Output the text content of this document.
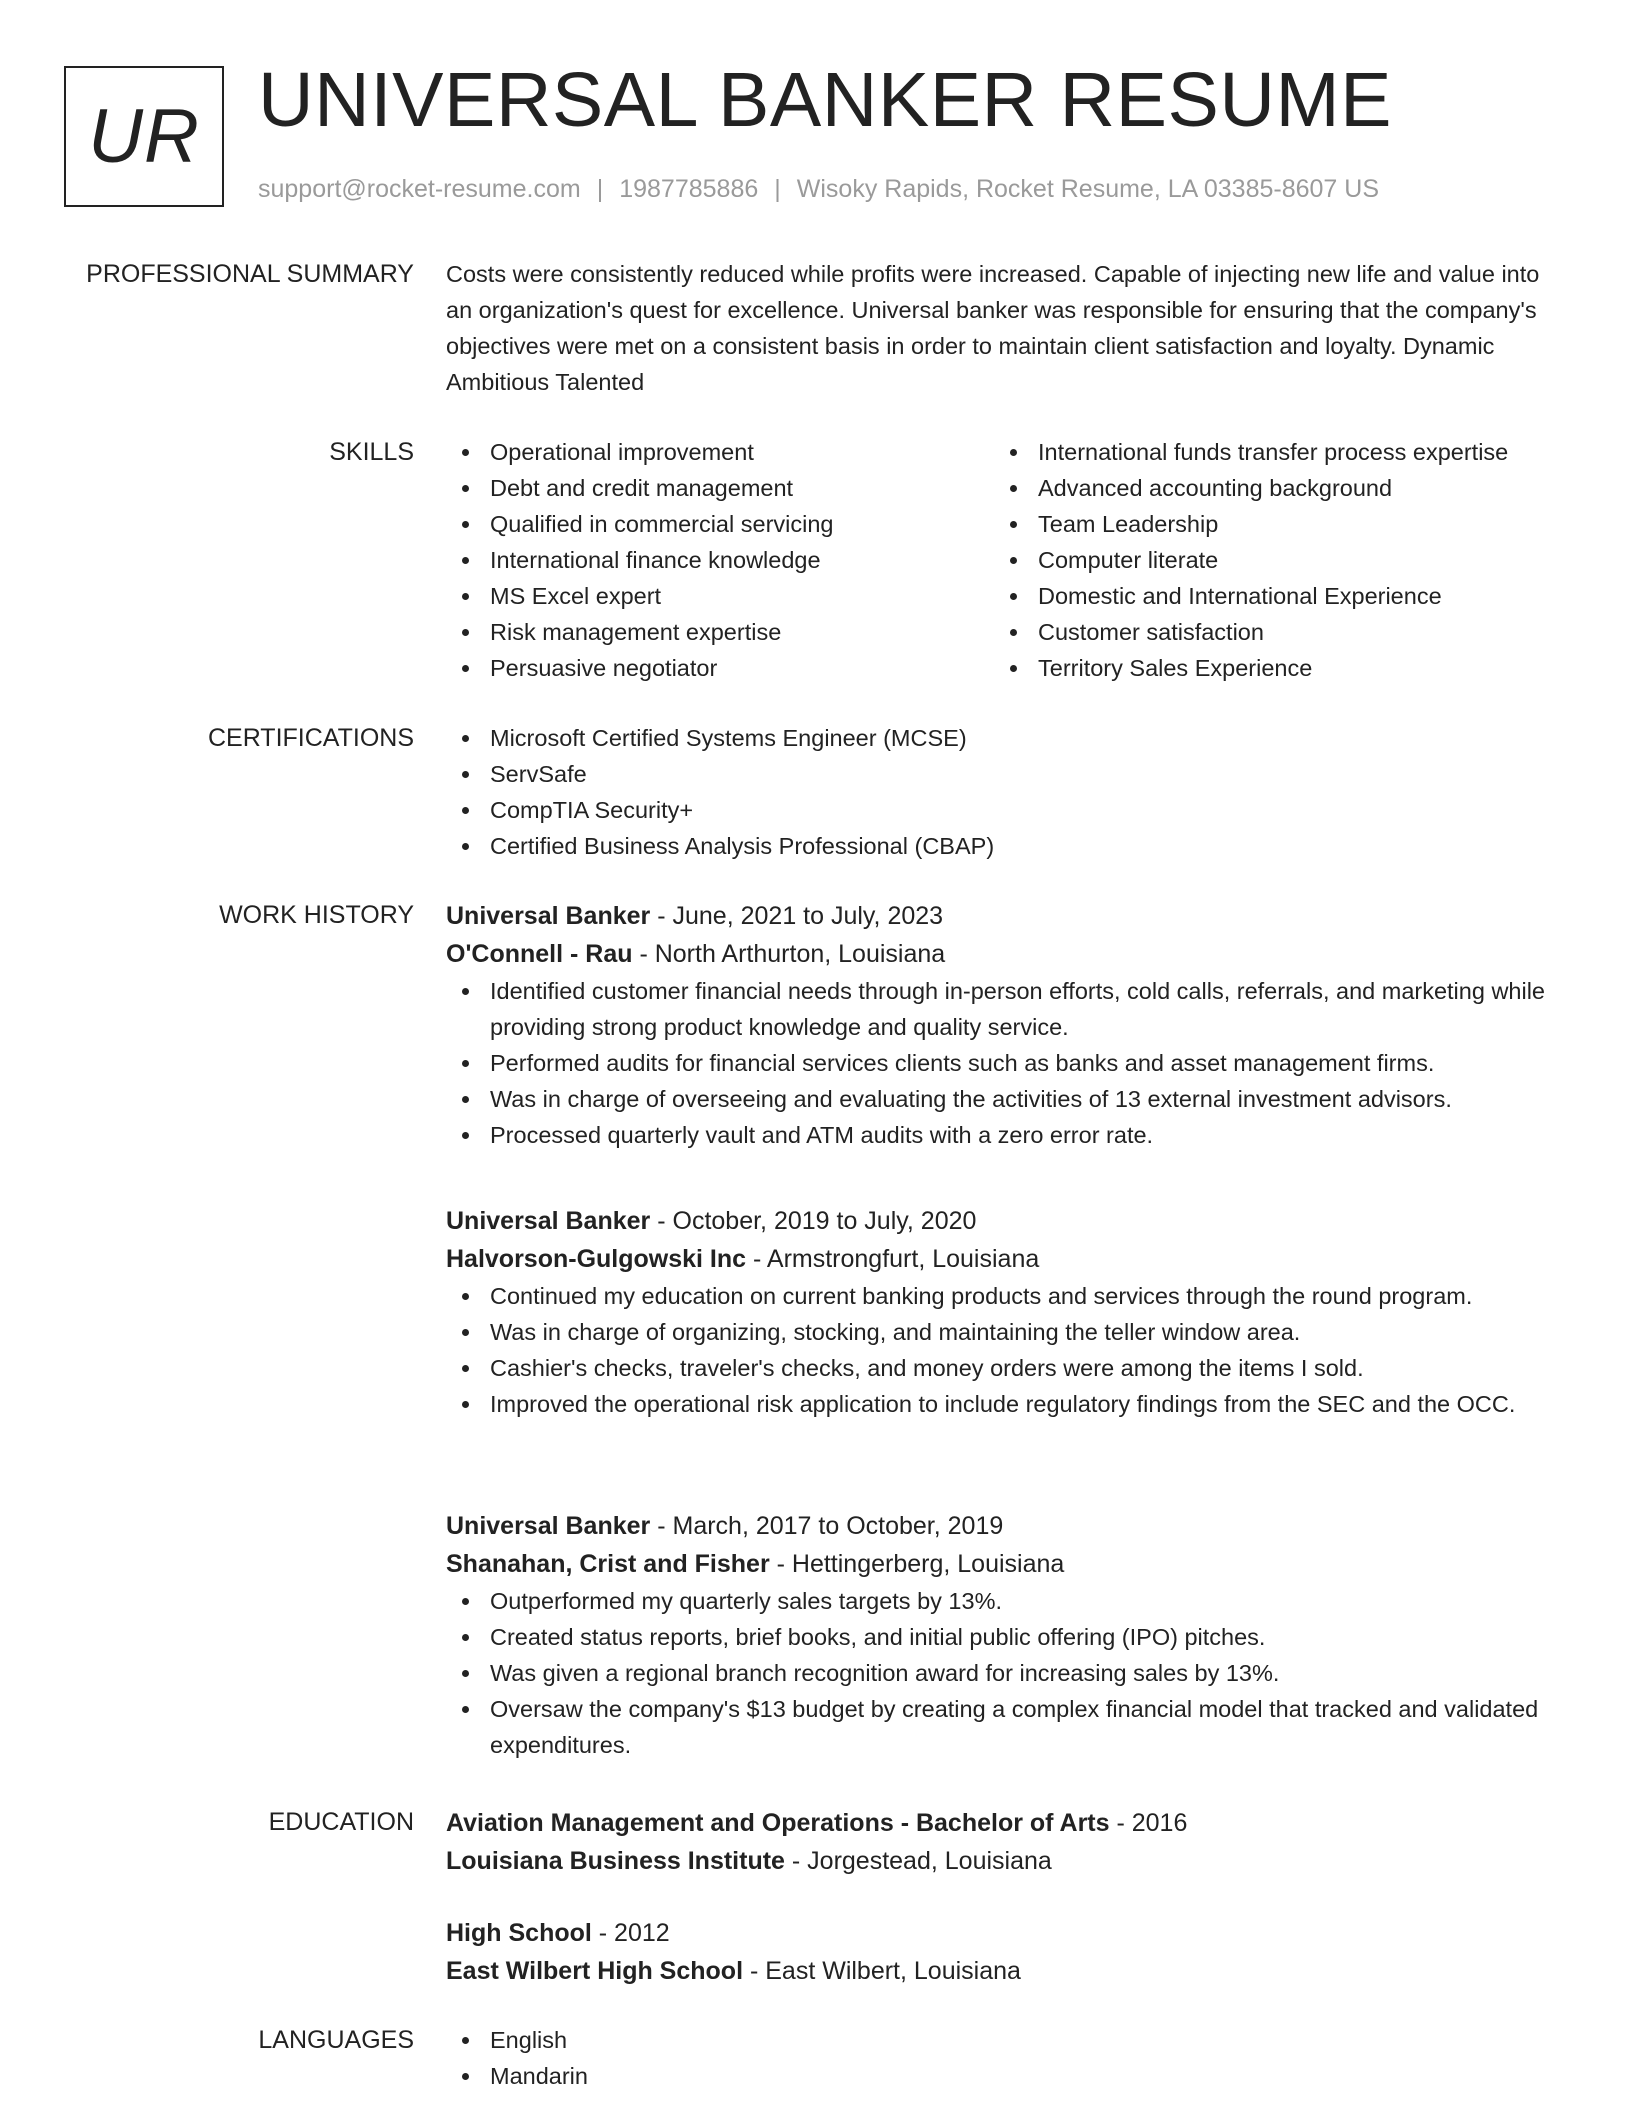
UR UNIVERSAL BANKER RESUME
support@rocket-resume.com | 1987785886 | Wisoky Rapids, Rocket Resume, LA 03385-8607 US
PROFESSIONAL SUMMARY Costs were consistently reduced while profits were increased. Capable of injecting new life and value into an organization's quest for excellence. Universal banker was responsible for ensuring that the company's objectives were met on a consistent basis in order to maintain client satisfaction and loyalty. Dynamic Ambitious Talented
SKILLS	Operational improvement
Debt and credit management
Qualified in commercial servicing
International finance knowledge
MS Excel expert
Risk management expertise
Persuasive negotiator
International funds transfer process expertise
Advanced accounting background
Team Leadership
Computer literate
Domestic and International Experience
Customer satisfaction
Territory Sales Experience
CERTIFICATIONS	Microsoft Certified Systems Engineer (MCSE)
ServSafe
CompTIA Security+
Certified Business Analysis Professional (CBAP)
WORK HISTORY Universal Banker - June, 2021 to July, 2023
O'Connell - Rau - North Arthurton, Louisiana
Identified customer financial needs through in-person efforts, cold calls, referrals, and marketing while providing strong product knowledge and quality service.
Performed audits for financial services clients such as banks and asset management firms.
Was in charge of overseeing and evaluating the activities of 13 external investment advisors.
Processed quarterly vault and ATM audits with a zero error rate.
Universal Banker - October, 2019 to July, 2020
Halvorson-Gulgowski Inc - Armstrongfurt, Louisiana
Continued my education on current banking products and services through the round program.
Was in charge of organizing, stocking, and maintaining the teller window area.
Cashier's checks, traveler's checks, and money orders were among the items I sold.
Improved the operational risk application to include regulatory findings from the SEC and the OCC.
Universal Banker - March, 2017 to October, 2019
Shanahan, Crist and Fisher - Hettingerberg, Louisiana
Outperformed my quarterly sales targets by 13%.
Created status reports, brief books, and initial public offering (IPO) pitches.
Was given a regional branch recognition award for increasing sales by 13%.
Oversaw the company's $13 budget by creating a complex financial model that tracked and validated expenditures.
EDUCATION Aviation Management and Operations - Bachelor of Arts - 2016
Louisiana Business Institute - Jorgestead, Louisiana
High School - 2012
East Wilbert High School - East Wilbert, Louisiana
LANGUAGES	English
Mandarin
